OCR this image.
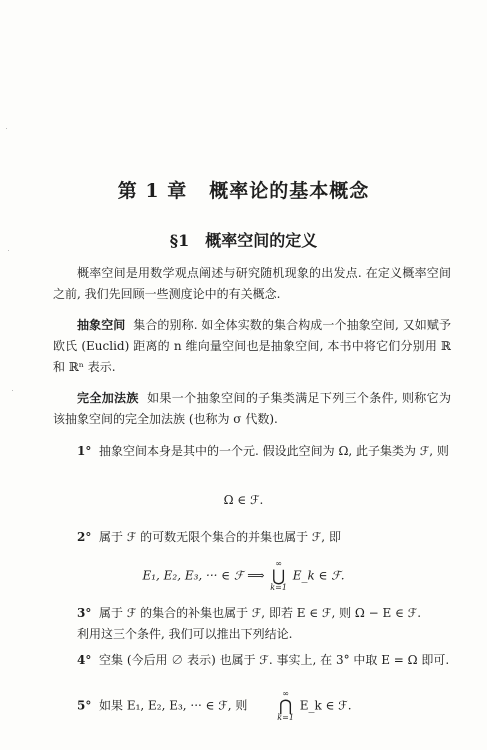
第 1 章 概率论的基本概念
§1 概率空间的定义
概率空间是用数学观点阐述与研究随机现象的出发点. 在定义概率空间之前, 我们先回顾一些测度论中的有关概念.
抽象空间 集合的别称. 如全体实数的集合构成一个抽象空间, 又如赋予欧氏 (Euclid) 距离的 n 维向量空间也是抽象空间, 本书中将它们分别用 ℝ 和 ℝⁿ 表示.
完全加法族 如果一个抽象空间的子集类满足下列三个条件, 则称它为该抽象空间的完全加法族 (也称为 σ 代数).
1° 抽象空间本身是其中的一个元. 假设此空间为 Ω, 此子集类为 ℱ, 则
Ω ∈ ℱ.
2° 属于 ℱ 的可数无限个集合的并集也属于 ℱ, 即
E₁, E₂, E₃, ··· ∈ ℱ ⟹
∞
⋃
k=1
E_k ∈ ℱ.
3° 属于 ℱ 的集合的补集也属于 ℱ, 即若 E ∈ ℱ, 则 Ω − E ∈ ℱ.
利用这三个条件, 我们可以推出下列结论.
4° 空集 (今后用 ∅ 表示) 也属于 ℱ. 事实上, 在 3° 中取 E = Ω 即可.
5° 如果 E₁, E₂, E₃, ··· ∈ ℱ, 则
∞
⋂
k=1
E_k ∈ ℱ.
